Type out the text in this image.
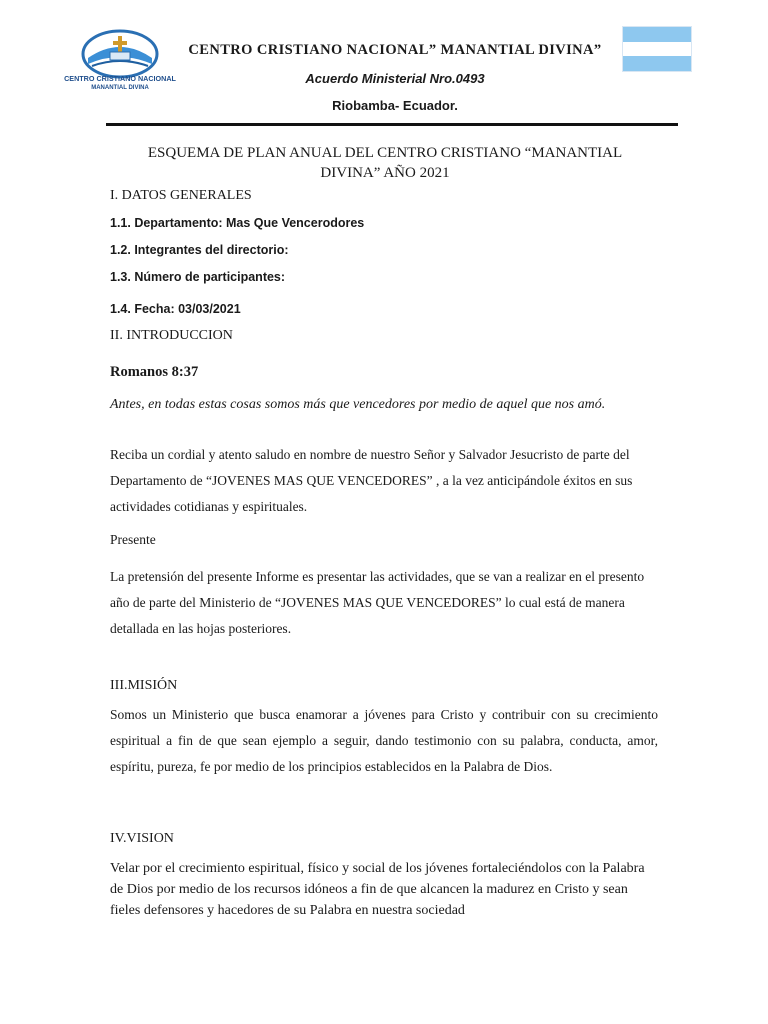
CENTRO CRISTIANO NACIONAL
MANANTIAL DIVINA
CENTRO CRISTIANO NACIONAL” MANANTIAL DIVINA”
Acuerdo Ministerial Nro.0493
Riobamba- Ecuador.
ESQUEMA DE PLAN ANUAL DEL CENTRO CRISTIANO “MANANTIAL DIVINA” AÑO 2021
I. DATOS GENERALES
1.1. Departamento: Mas Que Vencerodores
1.2. Integrantes del directorio:
1.3. Número de participantes:
1.4. Fecha: 03/03/2021
II. INTRODUCCION
Romanos 8:37
Antes, en todas estas cosas somos más que vencedores por medio de aquel que nos amó.
Reciba un cordial y atento saludo en nombre de nuestro Señor y Salvador Jesucristo de parte del Departamento de “JOVENES MAS QUE VENCEDORES” , a la vez anticipándole éxitos en sus actividades cotidianas y espirituales.
Presente
La pretensión del presente Informe es presentar las actividades, que se van a realizar en el presento año de parte del Ministerio de “JOVENES MAS QUE VENCEDORES” lo cual está de manera detallada en las hojas posteriores.
III.MISIÓN
Somos un Ministerio que busca enamorar a jóvenes para Cristo y contribuir con su crecimiento espiritual a fin de que sean ejemplo a seguir, dando testimonio con su palabra, conducta, amor, espíritu, pureza, fe por medio de los principios establecidos en la Palabra de Dios.
IV.VISION
Velar por el crecimiento espiritual, físico y social de los jóvenes fortaleciéndolos con la Palabra de Dios por medio de los recursos idóneos a fin de que alcancen la madurez en Cristo y sean fieles defensores y hacedores de su Palabra en nuestra sociedad
